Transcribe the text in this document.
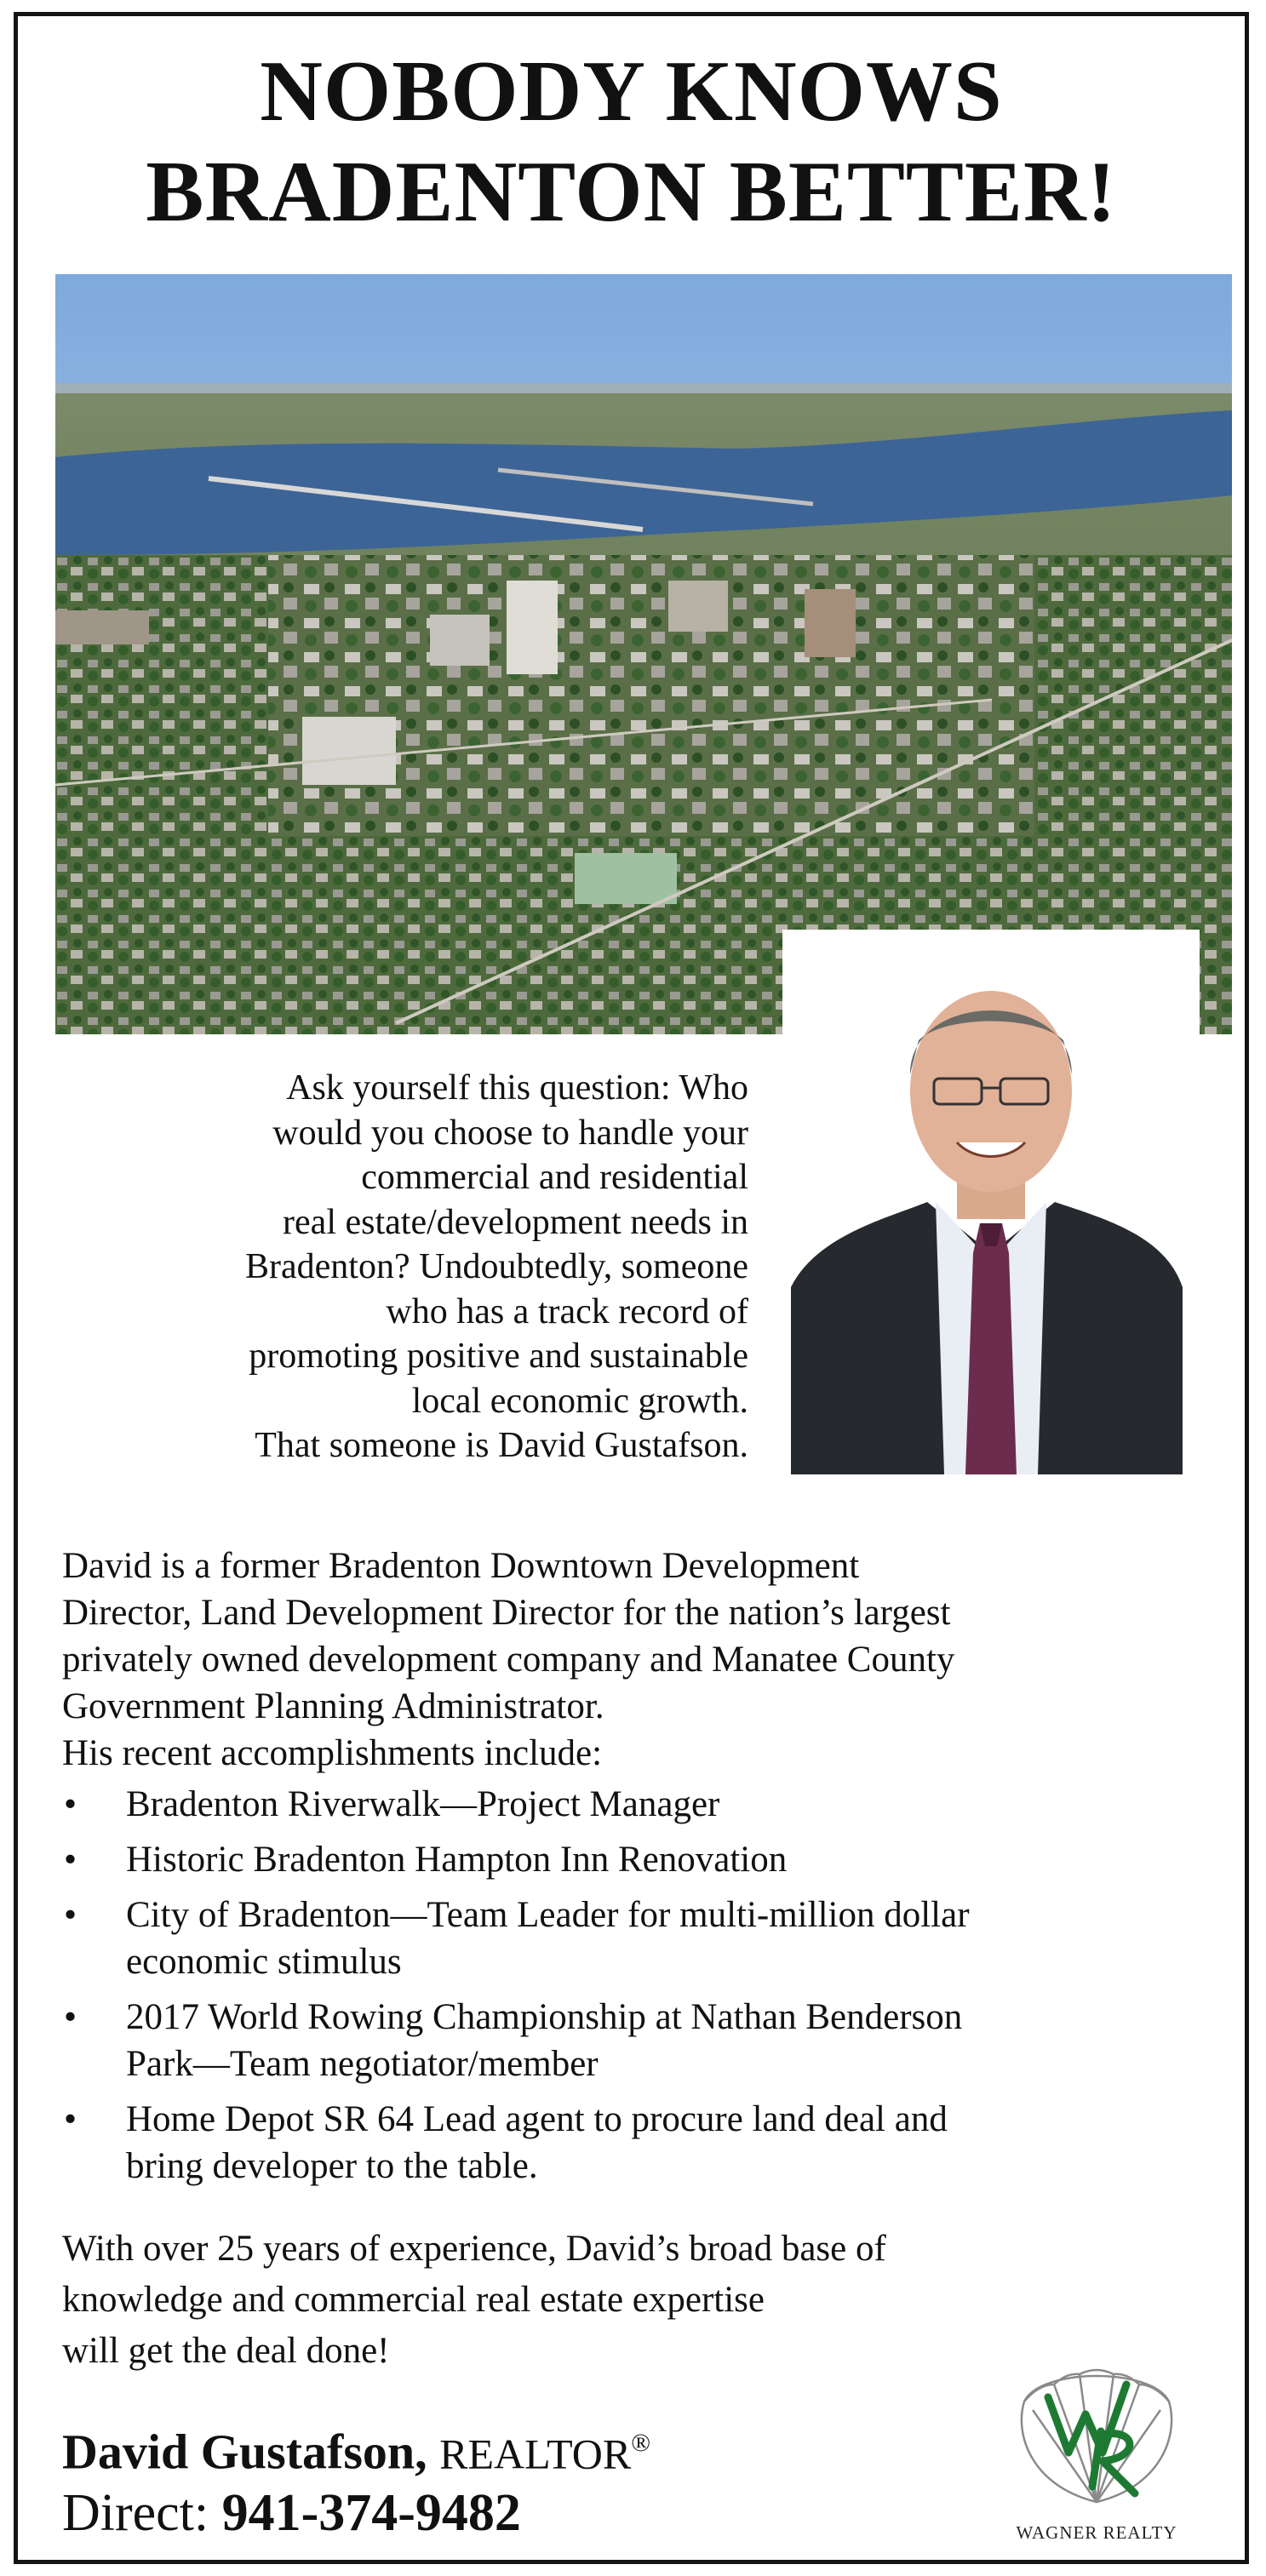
NOBODY KNOWS
BRADENTON BETTER!

Ask yourself this question: Who
would you choose to handle your
commercial and residential
real estate/development needs in
Bradenton? Undoubtedly, someone
who has a track record of
promoting positive and sustainable
local economic growth.
That someone is David Gustafson.

David is a former Bradenton Downtown Development
Director, Land Development Director for the nation’s largest
privately owned development company and Manatee County
Government Planning Administrator.

His recent accomplishments include:

• Bradenton Riverwalk—Project Manager
• Historic Bradenton Hampton Inn Renovation
• City of Bradenton—Team Leader for multi-million dollar
economic stimulus
• 2017 World Rowing Championship at Nathan Benderson
Park—Team negotiator/member
• Home Depot SR 64 Lead agent to procure land deal and
bring developer to the table.

With over 25 years of experience, David’s broad base of
knowledge and commercial real estate expertise
will get the deal done!

David Gustafson, REALTOR®

Direct: 941-374-9482	WAGNER REALTY
